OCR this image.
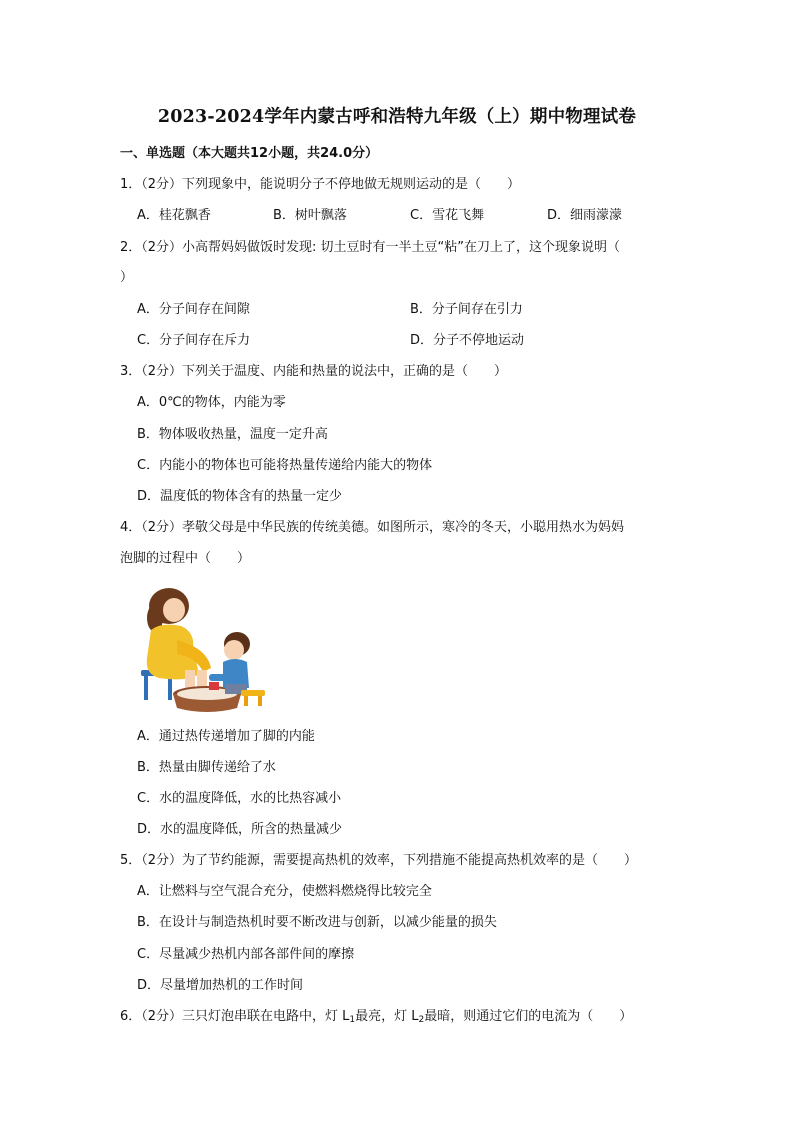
2023-2024学年内蒙古呼和浩特九年级（上）期中物理试卷
一、单选题（本大题共12小题，共24.0分）
1．（2分）下列现象中，能说明分子不停地做无规则运动的是（　　）
A．桂花飘香	B．树叶飘落	C．雪花飞舞	D．细雨濛濛
2．（2分）小高帮妈妈做饭时发现: 切土豆时有一半土豆“粘”在刀上了，这个现象说明（
）
A．分子间存在间隙	B．分子间存在引力
C．分子间存在斥力	D．分子不停地运动
3．（2分）下列关于温度、内能和热量的说法中，正确的是（　　）
A．0℃的物体，内能为零
B．物体吸收热量，温度一定升高
C．内能小的物体也可能将热量传递给内能大的物体
D．温度低的物体含有的热量一定少
4．（2分）孝敬父母是中华民族的传统美德。如图所示，寒冷的冬天，小聪用热水为妈妈
泡脚的过程中（　　）
A．通过热传递增加了脚的内能
B．热量由脚传递给了水
C．水的温度降低，水的比热容减小
D．水的温度降低，所含的热量减少
5．（2分）为了节约能源，需要提高热机的效率，下列措施不能提高热机效率的是（　　）
A．让燃料与空气混合充分，使燃料燃烧得比较完全
B．在设计与制造热机时要不断改进与创新，以减少能量的损失
C．尽量减少热机内部各部件间的摩擦
D．尽量增加热机的工作时间
6．（2分）三只灯泡串联在电路中，灯 $L_1$最亮，灯 $L_2$最暗，则通过它们的电流为（　　）
